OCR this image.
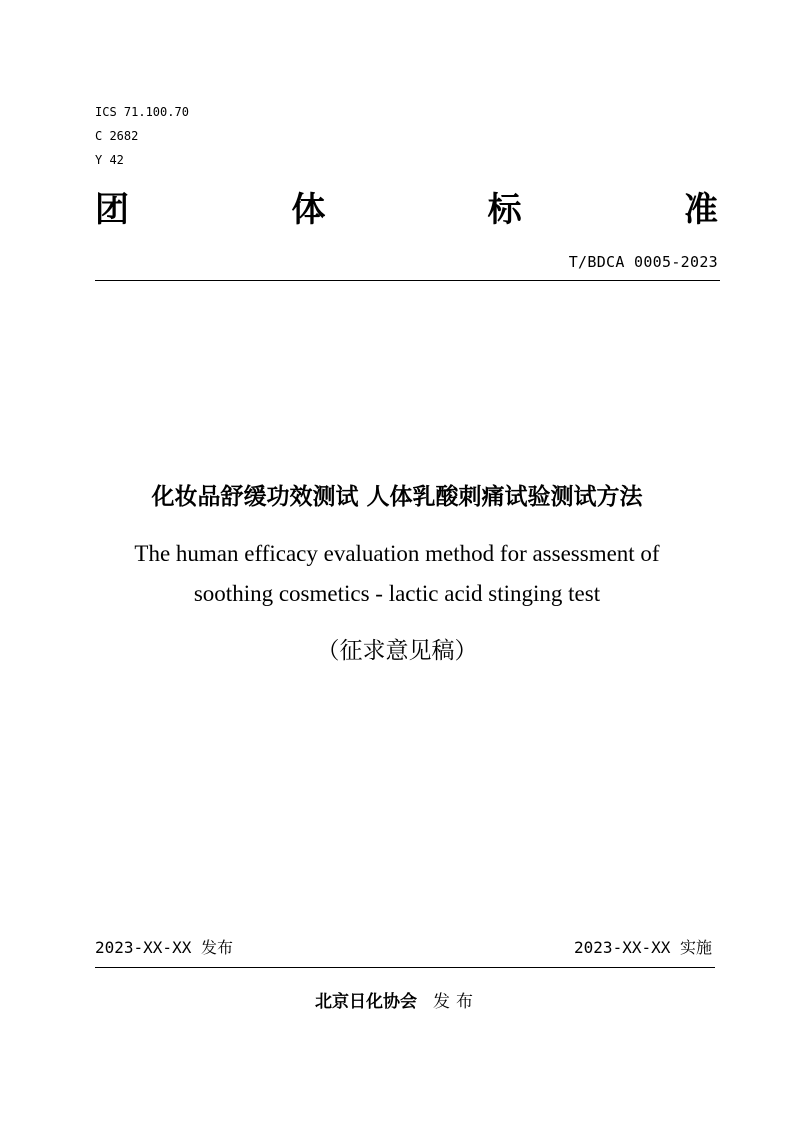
ICS 71.100.70
C 2682
Y 42
团	体	标	准
T/BDCA 0005-2023
化妆品舒缓功效测试 人体乳酸刺痛试验测试方法
The human efficacy evaluation method for assessment of
soothing cosmetics - lactic acid stinging test
（征求意见稿）
2023-XX-XX 发布	2023-XX-XX 实施
北京日化协会 发布
